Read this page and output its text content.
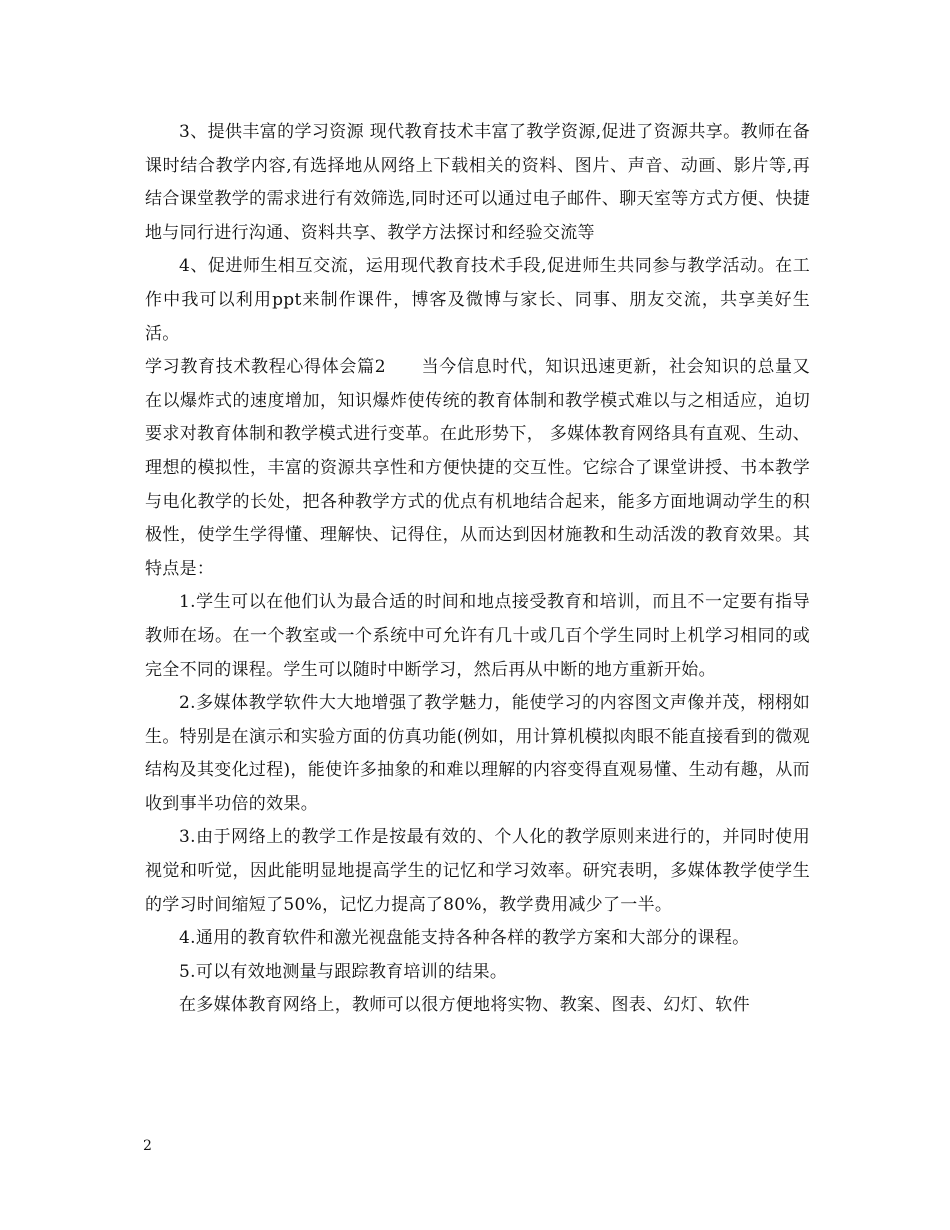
3、提供丰富的学习资源 现代教育技术丰富了教学资源,促进了资源共享。教师在备课时结合教学内容,有选择地从网络上下载相关的资料、图片、声音、动画、影片等,再结合课堂教学的需求进行有效筛选,同时还可以通过电子邮件、聊天室等方式方便、快捷地与同行进行沟通、资料共享、教学方法探讨和经验交流等

4、促进师生相互交流，运用现代教育技术手段,促进师生共同参与教学活动。在工作中我可以利用ppt来制作课件，博客及微博与家长、同事、朋友交流，共享美好生活。

学习教育技术教程心得体会篇2　　当今信息时代，知识迅速更新，社会知识的总量又在以爆炸式的速度增加，知识爆炸使传统的教育体制和教学模式难以与之相适应，迫切要求对教育体制和教学模式进行变革。在此形势下， 多媒体教育网络具有直观、生动、理想的模拟性，丰富的资源共享性和方便快捷的交互性。它综合了课堂讲授、书本教学与电化教学的长处，把各种教学方式的优点有机地结合起来，能多方面地调动学生的积极性，使学生学得懂、理解快、记得住，从而达到因材施教和生动活泼的教育效果。其特点是：

1.学生可以在他们认为最合适的时间和地点接受教育和培训，而且不一定要有指导教师在场。在一个教室或一个系统中可允许有几十或几百个学生同时上机学习相同的或完全不同的课程。学生可以随时中断学习，然后再从中断的地方重新开始。

2.多媒体教学软件大大地增强了教学魅力，能使学习的内容图文声像并茂，栩栩如生。特别是在演示和实验方面的仿真功能(例如，用计算机模拟肉眼不能直接看到的微观结构及其变化过程)，能使许多抽象的和难以理解的内容变得直观易懂、生动有趣，从而收到事半功倍的效果。

3.由于网络上的教学工作是按最有效的、个人化的教学原则来进行的，并同时使用视觉和听觉，因此能明显地提高学生的记忆和学习效率。研究表明，多媒体教学使学生的学习时间缩短了50%，记忆力提高了80%，教学费用减少了一半。

4.通用的教育软件和激光视盘能支持各种各样的教学方案和大部分的课程。

5.可以有效地测量与跟踪教育培训的结果。

在多媒体教育网络上，教师可以很方便地将实物、教案、图表、幻灯、软件

2
